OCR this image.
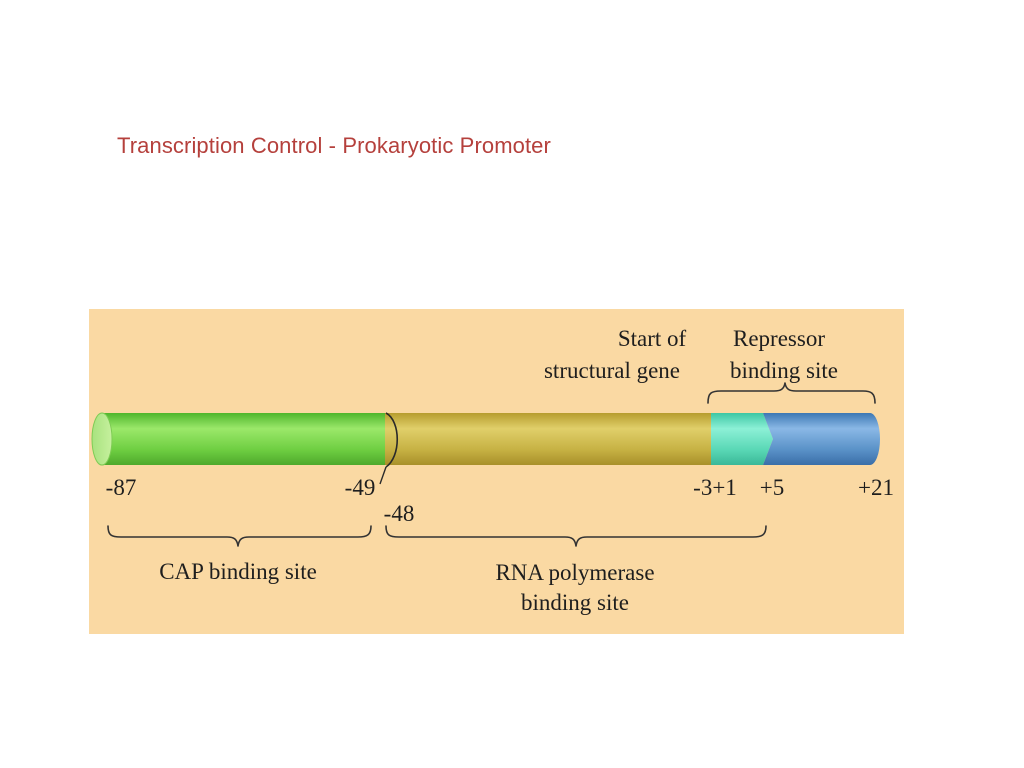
Transcription Control - Prokaryotic Promoter
Start of
structural gene
Repressor
binding site
-87	-49
-48
-3+1 +5	+21
CAP binding site	RNA polymerase
binding site
